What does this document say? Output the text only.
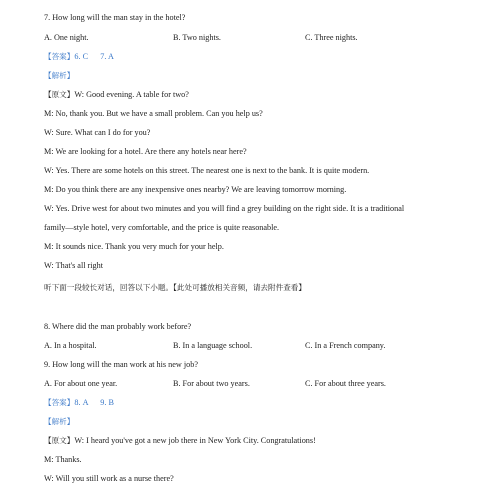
7. How long will the man stay in the hotel?
A. One night.	B. Two nights.	C. Three nights.
【答案】6. C      7. A
【解析】
【原文】W: Good evening. A table for two?
M: No, thank you. But we have a small problem. Can you help us?
W: Sure. What can I do for you?
M: We are looking for a hotel. Are there any hotels near here?
W: Yes. There are some hotels on this street. The nearest one is next to the bank. It is quite modern.
M: Do you think there are any inexpensive ones nearby? We are leaving tomorrow morning.
W: Yes. Drive west for about two minutes and you will find a grey building on the right side. It is a traditional
family—style hotel, very comfortable, and the price is quite reasonable.
M: It sounds nice. Thank you very much for your help.
W: That's all right
听下面一段较长对话，回答以下小题。【此处可播放相关音频，请去附件查看】
8. Where did the man probably work before?
A. In a hospital.	B. In a language school.	C. In a French company.
9. How long will the man work at his new job?
A. For about one year.	B. For about two years.	C. For about three years.
【答案】8. A      9. B
【解析】
【原文】W: I heard you've got a new job there in New York City. Congratulations!
M: Thanks.
W: Will you still work as a nurse there?
